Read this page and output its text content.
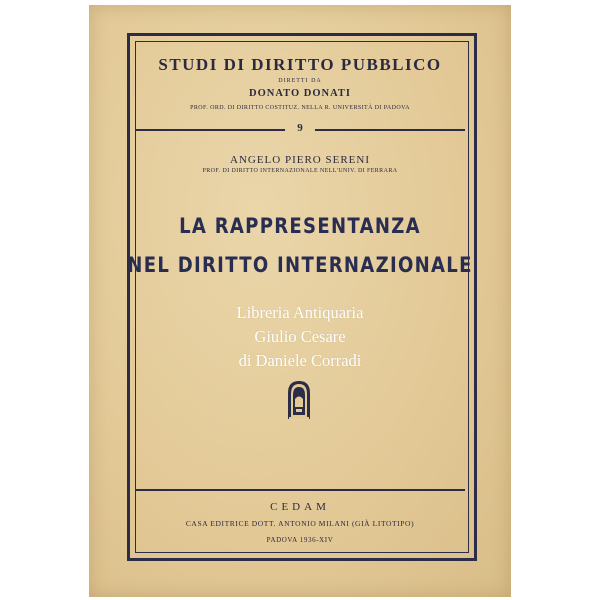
STUDI DI DIRITTO PUBBLICO
DIRETTI DA
DONATO DONATI
PROF. ORD. DI DIRITTO COSTITUZ. NELLA R. UNIVERSITÀ DI PADOVA
9
ANGELO PIERO SERENI
PROF. DI DIRITTO INTERNAZIONALE NELL'UNIV. DI FERRARA
LA RAPPRESENTANZA
NEL DIRITTO INTERNAZIONALE
Libreria Antiquaria
Giulio Cesare
di Daniele Corradi
CEDAM
CASA EDITRICE DOTT. ANTONIO MILANI (GIÀ LITOTIPO)
PADOVA 1936-XIV
